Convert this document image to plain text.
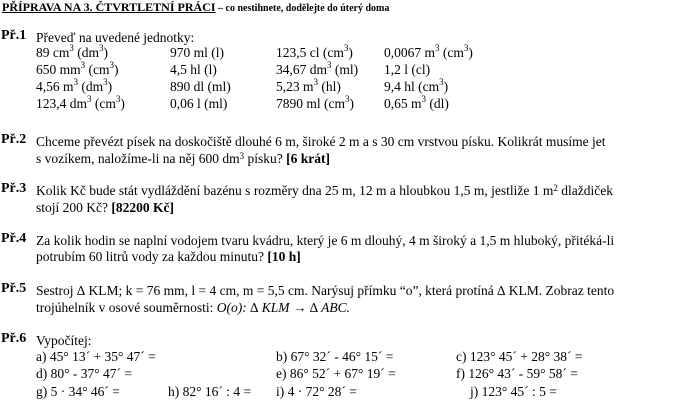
PŘÍPRAVA NA 3. ČTVRTLETNÍ PRÁCI – co nestihnete, dodělejte do úterý doma
Př.1 Převeď na uvedené jednotky:
89 $cm^3$ $(dm^3)$	970 ml (l)	123,5 cl $(cm^3)$ 0,0067 $m^3$ $(cm^3)$
650 $mm^3$ $(cm^3)$	4,5 hl (l)	34,67 $dm^3$ (ml) 1,2 l (cl)
4,56 $m^3$ $(dm^3)$	890 dl (ml)	5,23 $m^3$ (hl)	9,4 hl $(cm^3)$
123,4 $dm^3$ $(cm^3)$	0,06 l (ml)	7890 ml $(cm^3)$ 0,65 $m^3$ (dl)
Př.2 Chceme převézt písek na doskočiště dlouhé 6 m, široké 2 m a s 30 cm vrstvou písku. Kolikrát musíme jet
s vozíkem, naložíme-li na něj 600 $dm^3$ písku? [6 krát]
Př.3 Kolik Kč bude stát vydláždění bazénu s rozměry dna 25 m, 12 m a hloubkou 1,5 m, jestliže 1 $m^2$ dlaždiček
stojí 200 Kč? [82200 Kč]
Př.4 Za kolik hodin se naplní vodojem tvaru kvádru, který je 6 m dlouhý, 4 m široký a 1,5 m hluboký, přitéká-li
potrubím 60 litrů vody za každou minutu? [10 h]
Př.5 Sestroj ∆ KLM; k = 76 mm, l = 4 cm, m = 5,5 cm. Narýsuj přímku “o”, která protíná ∆ KLM. Zobraz tento
trojúhelník v osové souměrnosti: O(o): ∆ KLM → ∆ ABC.
Př.6 Vypočítej:
a) 45° 13´ + 35° 47´ =	b) 67° 32´ - 46° 15´ =	c) 123° 45´ + 28° 38´ =
d) 80° - 37° 47´ =	e) 86° 52´ + 67° 19´ =	f) 126° 43´ - 59° 58´ =
g) 5 · 34° 46´ =	h) 82° 16´ : 4 = i) 4 · 72° 28´ =	j) 123° 45´ : 5 =
